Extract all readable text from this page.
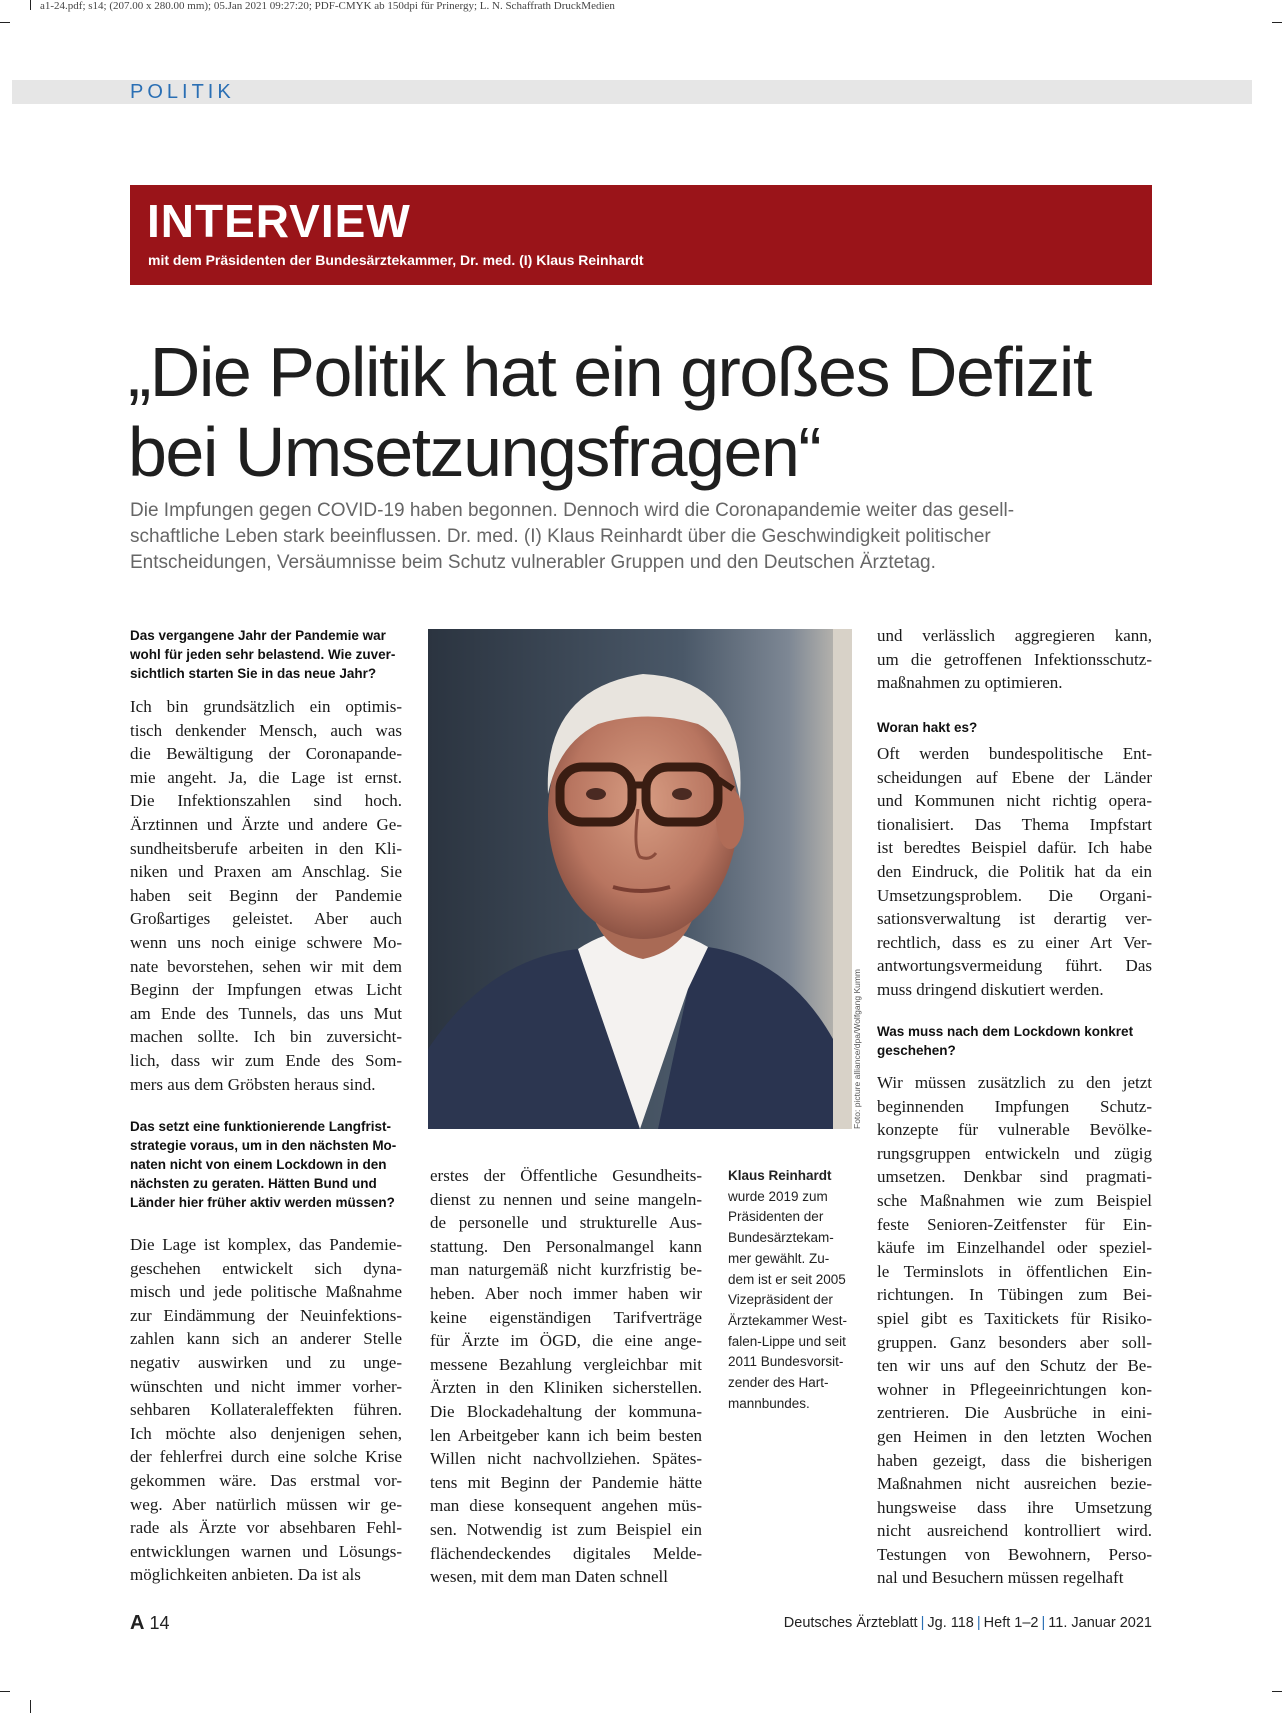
a1-24.pdf; s14; (207.00 x 280.00 mm); 05.Jan 2021 09:27:20; PDF-CMYK ab 150dpi für Prinergy; L. N. Schaffrath DruckMedien
POLITIK
INTERVIEW
mit dem Präsidenten der Bundesärztekammer, Dr. med. (I) Klaus Reinhardt
„Die Politik hat ein großes Defizit
bei Umsetzungsfragen“
Die Impfungen gegen COVID-19 haben begonnen. Dennoch wird die Coronapandemie weiter das gesell-
schaftliche Leben stark beeinflussen. Dr. med. (I) Klaus Reinhardt über die Geschwindigkeit politischer
Entscheidungen, Versäumnisse beim Schutz vulnerabler Gruppen und den Deutschen Ärztetag.
Das vergangene Jahr der Pandemie war
wohl für jeden sehr belastend. Wie zuver-
sichtlich starten Sie in das neue Jahr?
Ich bin grundsätzlich ein optimis-
tisch denkender Mensch, auch was
die Bewältigung der Coronapande-
mie angeht. Ja, die Lage ist ernst.
Die Infektionszahlen sind hoch.
Ärztinnen und Ärzte und andere Ge-
sundheitsberufe arbeiten in den Kli-
niken und Praxen am Anschlag. Sie
haben seit Beginn der Pandemie
Großartiges geleistet. Aber auch
wenn uns noch einige schwere Mo-
nate bevorstehen, sehen wir mit dem
Beginn der Impfungen etwas Licht
am Ende des Tunnels, das uns Mut
machen sollte. Ich bin zuversicht-
lich, dass wir zum Ende des Som-
mers aus dem Gröbsten heraus sind.
Das setzt eine funktionierende Langfrist-
strategie voraus, um in den nächsten Mo-
naten nicht von einem Lockdown in den
nächsten zu geraten. Hätten Bund und
Länder hier früher aktiv werden müssen?
Die Lage ist komplex, das Pandemie-
geschehen entwickelt sich dyna-
misch und jede politische Maßnahme
zur Eindämmung der Neuinfektions-
zahlen kann sich an anderer Stelle
negativ auswirken und zu unge-
wünschten und nicht immer vorher-
sehbaren Kollateraleffekten führen.
Ich möchte also denjenigen sehen,
der fehlerfrei durch eine solche Krise
gekommen wäre. Das erstmal vor-
weg. Aber natürlich müssen wir ge-
rade als Ärzte vor absehbaren Fehl-
entwicklungen warnen und Lösungs-
möglichkeiten anbieten. Da ist als
Foto: picture alliance/dpa/Wolfgang Kumm
Klaus Reinhardt
wurde 2019 zum
Präsidenten der
Bundesärztekam-
mer gewählt. Zu-
dem ist er seit 2005
Vizepräsident der
Ärztekammer West-
falen-Lippe und seit
2011 Bundesvorsit-
zender des Hart-
mannbundes.
erstes der Öffentliche Gesundheits-
dienst zu nennen und seine mangeln-
de personelle und strukturelle Aus-
stattung. Den Personalmangel kann
man naturgemäß nicht kurzfristig be-
heben. Aber noch immer haben wir
keine eigenständigen Tarifverträge
für Ärzte im ÖGD, die eine ange-
messene Bezahlung vergleichbar mit
Ärzten in den Kliniken sicherstellen.
Die Blockadehaltung der kommuna-
len Arbeitgeber kann ich beim besten
Willen nicht nachvollziehen. Spätes-
tens mit Beginn der Pandemie hätte
man diese konsequent angehen müs-
sen. Notwendig ist zum Beispiel ein
flächendeckendes digitales Melde-
wesen, mit dem man Daten schnell
und verlässlich aggregieren kann,
um die getroffenen Infektionsschutz-
maßnahmen zu optimieren.
Woran hakt es?
Oft werden bundespolitische Ent-
scheidungen auf Ebene der Länder
und Kommunen nicht richtig opera-
tionalisiert. Das Thema Impfstart
ist beredtes Beispiel dafür. Ich habe
den Eindruck, die Politik hat da ein
Umsetzungsproblem. Die Organi-
sationsverwaltung ist derartig ver-
rechtlich, dass es zu einer Art Ver-
antwortungsvermeidung führt. Das
muss dringend diskutiert werden.
Was muss nach dem Lockdown konkret
geschehen?
Wir müssen zusätzlich zu den jetzt
beginnenden Impfungen Schutz-
konzepte für vulnerable Bevölke-
rungsgruppen entwickeln und zügig
umsetzen. Denkbar sind pragmati-
sche Maßnahmen wie zum Beispiel
feste Senioren-Zeitfenster für Ein-
käufe im Einzelhandel oder speziel-
le Terminslots in öffentlichen Ein-
richtungen. In Tübingen zum Bei-
spiel gibt es Taxitickets für Risiko-
gruppen. Ganz besonders aber soll-
ten wir uns auf den Schutz der Be-
wohner in Pflegeeinrichtungen kon-
zentrieren. Die Ausbrüche in eini-
gen Heimen in den letzten Wochen
haben gezeigt, dass die bisherigen
Maßnahmen nicht ausreichen bezie-
hungsweise dass ihre Umsetzung
nicht ausreichend kontrolliert wird.
Testungen von Bewohnern, Perso-
nal und Besuchern müssen regelhaft
A 14	Deutsches Ärzteblatt | Jg. 118 | Heft 1–2 | 11. Januar 2021
